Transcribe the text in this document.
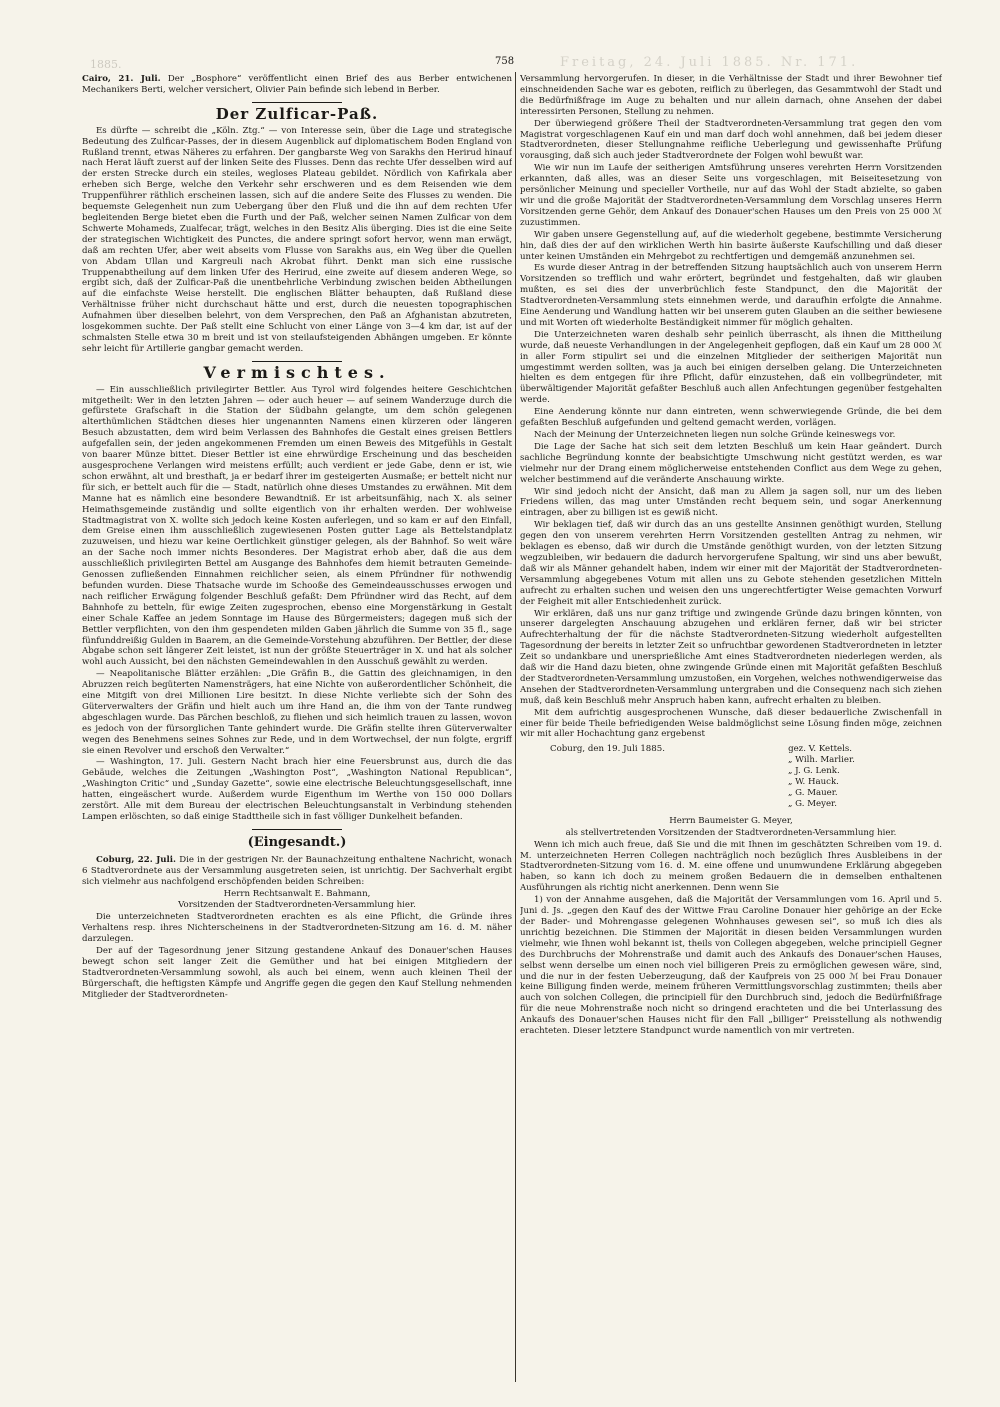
1885.	Freitag, 24. Juli 1885. Nr. 171.
758

Cairo, 21. Juli. Der „Bosphore“ veröffentlicht einen Brief des aus Berber entwichenen Mechanikers Berti, welcher versichert, Olivier Pain befinde sich lebend in Berber.

Der Zulficar-Paß.

Es dürfte — schreibt die „Köln. Ztg.“ — von Interesse sein, über die Lage und strategische Bedeutung des Zulficar-Passes, der in diesem Augenblick auf diplomatischem Boden England von Rußland trennt, etwas Näheres zu erfahren. Der gangbarste Weg von Sarakhs den Herirud hinauf nach Herat läuft zuerst auf der linken Seite des Flusses. Denn das rechte Ufer desselben wird auf der ersten Strecke durch ein steiles, wegloses Plateau gebildet. Nördlich von Kafirkala aber erheben sich Berge, welche den Verkehr sehr erschweren und es dem Reisenden wie dem Truppenführer räthlich erscheinen lassen, sich auf die andere Seite des Flusses zu wenden. Die bequemste Gelegenheit nun zum Uebergang über den Fluß und die ihn auf dem rechten Ufer begleitenden Berge bietet eben die Furth und der Paß, welcher seinen Namen Zulficar von dem Schwerte Mohameds, Zualfecar, trägt, welches in den Besitz Alis überging. Dies ist die eine Seite der strategischen Wichtigkeit des Punctes, die andere springt sofort hervor, wenn man erwägt, daß am rechten Ufer, aber weit abseits vom Flusse von Sarakhs aus, ein Weg über die Quellen von Abdam Ullan und Kargreuli nach Akrobat führt. Denkt man sich eine russische Truppenabtheilung auf dem linken Ufer des Herirud, eine zweite auf diesem anderen Wege, so ergibt sich, daß der Zulficar-Paß die unentbehrliche Verbindung zwischen beiden Abtheilungen auf die einfachste Weise herstellt. Die englischen Blätter behaupten, daß Rußland diese Verhältnisse früher nicht durchschaut hätte und erst, durch die neuesten topographischen Aufnahmen über dieselben belehrt, von dem Versprechen, den Paß an Afghanistan abzutreten, losgekommen suchte. Der Paß stellt eine Schlucht von einer Länge von 3—4 km dar, ist auf der schmalsten Stelle etwa 30 m breit und ist von steilaufsteigenden Abhängen umgeben. Er könnte sehr leicht für Artillerie gangbar gemacht werden.

Vermischtes.

— Ein ausschließlich privilegirter Bettler. Aus Tyrol wird folgendes heitere Geschichtchen mitgetheilt: Wer in den letzten Jahren — oder auch heuer — auf seinem Wanderzuge durch die gefürstete Grafschaft in die Station der Südbahn gelangte, um dem schön gelegenen alterthümlichen Städtchen dieses hier ungenannten Namens einen kürzeren oder längeren Besuch abzustatten, dem wird beim Verlassen des Bahnhofes die Gestalt eines greisen Bettlers aufgefallen sein, der jeden angekommenen Fremden um einen Beweis des Mitgefühls in Gestalt von baarer Münze bittet. Dieser Bettler ist eine ehrwürdige Erscheinung und das bescheiden ausgesprochene Verlangen wird meistens erfüllt; auch verdient er jede Gabe, denn er ist, wie schon erwähnt, alt und bresthaft, ja er bedarf ihrer im gesteigerten Ausmaße; er bettelt nicht nur für sich, er bettelt auch für die — Stadt, natürlich ohne dieses Umstandes zu erwähnen. Mit dem Manne hat es nämlich eine besondere Bewandtniß. Er ist arbeitsunfähig, nach X. als seiner Heimathsgemeinde zuständig und sollte eigentlich von ihr erhalten werden. Der wohlweise Stadtmagistrat von X. wollte sich jedoch keine Kosten auferlegen, und so kam er auf den Einfall, dem Greise einen ihm ausschließlich zugewiesenen Posten gutter Lage als Bettelstandplatz zuzuweisen, und hiezu war keine Oertlichkeit günstiger gelegen, als der Bahnhof. So weit wäre an der Sache noch immer nichts Besonderes. Der Magistrat erhob aber, daß die aus dem ausschließlich privilegirten Bettel am Ausgange des Bahnhofes dem hiemit betrauten Gemeinde-Genossen zufließenden Einnahmen reichlicher seien, als einem Pfründner für nothwendig befunden wurden. Diese Thatsache wurde im Schooße des Gemeindeausschusses erwogen und nach reiflicher Erwägung folgender Beschluß gefaßt: Dem Pfründner wird das Recht, auf dem Bahnhofe zu betteln, für ewige Zeiten zugesprochen, ebenso eine Morgenstärkung in Gestalt einer Schale Kaffee an jedem Sonntage im Hause des Bürgermeisters; dagegen muß sich der Bettler verpflichten, von den ihm gespendeten milden Gaben jährlich die Summe von 35 fl., sage fünfunddreißig Gulden in Baarem, an die Gemeinde-Vorstehung abzuführen. Der Bettler, der diese Abgabe schon seit längerer Zeit leistet, ist nun der größte Steuerträger in X. und hat als solcher wohl auch Aussicht, bei den nächsten Gemeindewahlen in den Ausschuß gewählt zu werden.

— Neapolitanische Blätter erzählen: „Die Gräfin B., die Gattin des gleichnamigen, in den Abruzzen reich begüterten Namensträgers, hat eine Nichte von außerordentlicher Schönheit, die eine Mitgift von drei Millionen Lire besitzt. In diese Nichte verliebte sich der Sohn des Güterverwalters der Gräfin und hielt auch um ihre Hand an, die ihm von der Tante rundweg abgeschlagen wurde. Das Pärchen beschloß, zu fliehen und sich heimlich trauen zu lassen, wovon es jedoch von der fürsorglichen Tante gehindert wurde. Die Gräfin stellte ihren Güterverwalter wegen des Benehmens seines Sohnes zur Rede, und in dem Wortwechsel, der nun folgte, ergriff sie einen Revolver und erschoß den Verwalter.“

— Washington, 17. Juli. Gestern Nacht brach hier eine Feuersbrunst aus, durch die das Gebäude, welches die Zeitungen „Washington Post“, „Washington National Republican“, „Washington Critic“ und „Sunday Gazette“, sowie eine electrische Beleuchtungsgesellschaft, inne hatten, eingeäschert wurde. Außerdem wurde Eigenthum im Werthe von 150 000 Dollars zerstört. Alle mit dem Bureau der electrischen Beleuchtungsanstalt in Verbindung stehenden Lampen erlöschten, so daß einige Stadttheile sich in fast völliger Dunkelheit befanden.

(Eingesandt.)

Coburg, 22. Juli. Die in der gestrigen Nr. der Baunachzeitung enthaltene Nachricht, wonach 6 Stadtverordnete aus der Versammlung ausgetreten seien, ist unrichtig. Der Sachverhalt ergibt sich vielmehr aus nachfolgend erschöpfenden beiden Schreiben:

Herrn Rechtsanwalt E. Bahmann,

Vorsitzenden der Stadtverordneten-Versammlung hier.

Die unterzeichneten Stadtverordneten erachten es als eine Pflicht, die Gründe ihres Verhaltens resp. ihres Nichterscheinens in der Stadtverordneten-Sitzung am 16. d. M. näher darzulegen.

Der auf der Tagesordnung jener Sitzung gestandene Ankauf des Donauer'schen Hauses bewegt schon seit langer Zeit die Gemüther und hat bei einigen Mitgliedern der Stadtverordneten-Versammlung sowohl, als auch bei einem, wenn auch kleinen Theil der Bürgerschaft, die heftigsten Kämpfe und Angriffe gegen die gegen den Kauf Stellung nehmenden Mitglieder der Stadtverordneten-

Versammlung hervorgerufen. In dieser, in die Verhältnisse der Stadt und ihrer Bewohner tief einschneidenden Sache war es geboten, reiflich zu überlegen, das Gesammtwohl der Stadt und die Bedürfnißfrage im Auge zu behalten und nur allein darnach, ohne Ansehen der dabei interessirten Personen, Stellung zu nehmen.

Der überwiegend größere Theil der Stadtverordneten-Versammlung trat gegen den vom Magistrat vorgeschlagenen Kauf ein und man darf doch wohl annehmen, daß bei jedem dieser Stadtverordneten, dieser Stellungnahme reifliche Ueberlegung und gewissenhafte Prüfung vorausging, daß sich auch jeder Stadtverordnete der Folgen wohl bewußt war.

Wie wir nun im Laufe der seitherigen Amtsführung unseres verehrten Herrn Vorsitzenden erkannten, daß alles, was an dieser Seite uns vorgeschlagen, mit Beiseitesetzung von persönlicher Meinung und specieller Vortheile, nur auf das Wohl der Stadt abzielte, so gaben wir und die große Majorität der Stadtverordneten-Versammlung dem Vorschlag unseres Herrn Vorsitzenden gerne Gehör, dem Ankauf des Donauer'schen Hauses um den Preis von 25 000 ℳ zuzustimmen.

Wir gaben unsere Gegenstellung auf, auf die wiederholt gegebene, bestimmte Versicherung hin, daß dies der auf den wirklichen Werth hin basirte äußerste Kaufschilling und daß dieser unter keinen Umständen ein Mehrgebot zu rechtfertigen und demgemäß anzunehmen sei.

Es wurde dieser Antrag in der betreffenden Sitzung hauptsächlich auch von unserem Herrn Vorsitzenden so trefflich und wahr erörtert, begründet und festgehalten, daß wir glauben mußten, es sei dies der unverbrüchlich feste Standpunct, den die Majorität der Stadtverordneten-Versammlung stets einnehmen werde, und daraufhin erfolgte die Annahme. Eine Aenderung und Wandlung hatten wir bei unserem guten Glauben an die seither bewiesene und mit Worten oft wiederholte Beständigkeit nimmer für möglich gehalten.

Die Unterzeichneten waren deshalb sehr peinlich überrascht, als ihnen die Mittheilung wurde, daß neueste Verhandlungen in der Angelegenheit gepflogen, daß ein Kauf um 28 000 ℳ in aller Form stipulirt sei und die einzelnen Mitglieder der seitherigen Majorität nun umgestimmt werden sollten, was ja auch bei einigen derselben gelang. Die Unterzeichneten hielten es dem entgegen für ihre Pflicht, dafür einzustehen, daß ein vollbegründeter, mit überwältigender Majorität gefaßter Beschluß auch allen Anfechtungen gegenüber festgehalten werde.

Eine Aenderung könnte nur dann eintreten, wenn schwerwiegende Gründe, die bei dem gefaßten Beschluß aufgefunden und geltend gemacht werden, vorlägen.

Nach der Meinung der Unterzeichneten liegen nun solche Gründe keineswegs vor.

Die Lage der Sache hat sich seit dem letzten Beschluß um kein Haar geändert. Durch sachliche Begründung konnte der beabsichtigte Umschwung nicht gestützt werden, es war vielmehr nur der Drang einem möglicherweise entstehenden Conflict aus dem Wege zu gehen, welcher bestimmend auf die veränderte Anschauung wirkte.

Wir sind jedoch nicht der Ansicht, daß man zu Allem ja sagen soll, nur um des lieben Friedens willen, das mag unter Umständen recht bequem sein, und sogar Anerkennung eintragen, aber zu billigen ist es gewiß nicht.

Wir beklagen tief, daß wir durch das an uns gestellte Ansinnen genöthigt wurden, Stellung gegen den von unserem verehrten Herrn Vorsitzenden gestellten Antrag zu nehmen, wir beklagen es ebenso, daß wir durch die Umstände genöthigt wurden, von der letzten Sitzung wegzubleiben, wir bedauern die dadurch hervorgerufene Spaltung, wir sind uns aber bewußt, daß wir als Männer gehandelt haben, indem wir einer mit der Majorität der Stadtverordneten-Versammlung abgegebenes Votum mit allen uns zu Gebote stehenden gesetzlichen Mitteln aufrecht zu erhalten suchen und weisen den uns ungerechtfertigter Weise gemachten Vorwurf der Feigheit mit aller Entschiedenheit zurück.

Wir erklären, daß uns nur ganz triftige und zwingende Gründe dazu bringen könnten, von unserer dargelegten Anschauung abzugehen und erklären ferner, daß wir bei stricter Aufrechterhaltung der für die nächste Stadtverordneten-Sitzung wiederholt aufgestellten Tagesordnung der bereits in letzter Zeit so unfruchtbar gewordenen Stadtverordneten in letzter Zeit so undankbare und unersprießliche Amt eines Stadtverordneten niederlegen werden, als daß wir die Hand dazu bieten, ohne zwingende Gründe einen mit Majorität gefaßten Beschluß der Stadtverordneten-Versammlung umzustoßen, ein Vorgehen, welches nothwendigerweise das Ansehen der Stadtverordneten-Versammlung untergraben und die Consequenz nach sich ziehen muß, daß kein Beschluß mehr Anspruch haben kann, aufrecht erhalten zu bleiben.

Mit dem aufrichtig ausgesprochenen Wunsche, daß dieser bedauerliche Zwischenfall in einer für beide Theile befriedigenden Weise baldmöglichst seine Lösung finden möge, zeichnen wir mit aller Hochachtung ganz ergebenst

Coburg, den 19. Juli 1885.	gez. V. Kettels.
„ Wilh. Marlier.
„ J. G. Lenk.
„ W. Hauck.
„ G. Mauer.
„ G. Meyer.

Herrn Baumeister G. Meyer,

als stellvertretenden Vorsitzenden der Stadtverordneten-Versammlung hier.

Wenn ich mich auch freue, daß Sie und die mit Ihnen im geschätzten Schreiben vom 19. d. M. unterzeichneten Herren Collegen nachträglich noch bezüglich Ihres Ausbleibens in der Stadtverordneten-Sitzung vom 16. d. M. eine offene und unumwundene Erklärung abgegeben haben, so kann ich doch zu meinem großen Bedauern die in demselben enthaltenen Ausführungen als richtig nicht anerkennen. Denn wenn Sie

1) von der Annahme ausgehen, daß die Majorität der Versammlungen vom 16. April und 5. Juni d. Js. „gegen den Kauf des der Wittwe Frau Caroline Donauer hier gehörige an der Ecke der Bader- und Mohrengasse gelegenen Wohnhauses gewesen sei“, so muß ich dies als unrichtig bezeichnen. Die Stimmen der Majorität in diesen beiden Versammlungen wurden vielmehr, wie Ihnen wohl bekannt ist, theils von Collegen abgegeben, welche principiell Gegner des Durchbruchs der Mohrenstraße und damit auch des Ankaufs des Donauer'schen Hauses, selbst wenn derselbe um einen noch viel billigeren Preis zu ermöglichen gewesen wäre, sind, und die nur in der festen Ueberzeugung, daß der Kaufpreis von 25 000 ℳ bei Frau Donauer keine Billigung finden werde, meinem früheren Vermittlungsvorschlag zustimmten; theils aber auch von solchen Collegen, die principiell für den Durchbruch sind, jedoch die Bedürfnißfrage für die neue Mohrenstraße noch nicht so dringend erachteten und die bei Unterlassung des Ankaufs des Donauer'schen Hauses nicht für den Fall „billiger“ Preisstellung als nothwendig erachteten. Dieser letztere Standpunct wurde namentlich von mir vertreten.
